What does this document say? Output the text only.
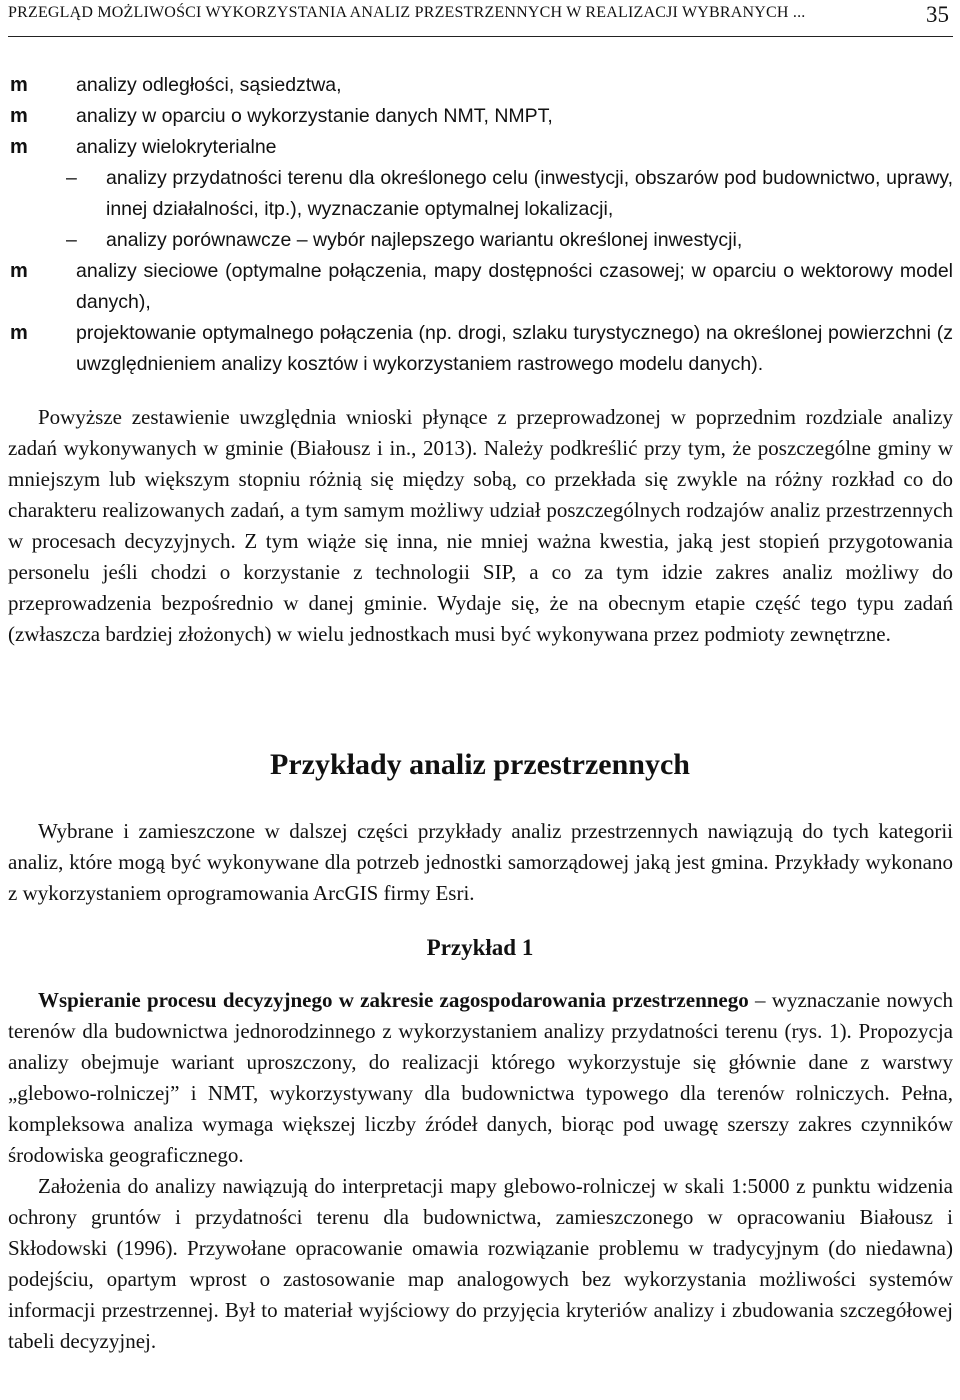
PRZEGLĄD MOŻLIWOŚCI WYKORZYSTANIA ANALIZ PRZESTRZENNYCH W REALIZACJI WYBRANYCH ...	35
m analizy odległości, sąsiedztwa,
m analizy w oparciu o wykorzystanie danych NMT, NMPT,
m analizy wielokryterialne
– analizy przydatności terenu dla określonego celu (inwestycji, obszarów pod budownictwo, uprawy, innej działalności, itp.), wyznaczanie optymalnej lokalizacji,
– analizy porównawcze – wybór najlepszego wariantu określonej inwestycji,
m analizy sieciowe (optymalne połączenia, mapy dostępności czasowej; w oparciu o wektorowy model danych),
m projektowanie optymalnego połączenia (np. drogi, szlaku turystycznego) na określonej powierzchni (z uwzględnieniem analizy kosztów i wykorzystaniem rastrowego modelu danych).

Powyższe zestawienie uwzględnia wnioski płynące z przeprowadzonej w poprzednim rozdziale analizy zadań wykonywanych w gminie (Białousz i in., 2013). Należy podkreślić przy tym, że poszczególne gminy w mniejszym lub większym stopniu różnią się między sobą, co przekłada się zwykle na różny rozkład co do charakteru realizowanych zadań, a tym samym możliwy udział poszczególnych rodzajów analiz przestrzennych w procesach decyzyjnych. Z tym wiąże się inna, nie mniej ważna kwestia, jaką jest stopień przygotowania personelu jeśli chodzi o korzystanie z technologii SIP, a co za tym idzie zakres analiz możliwy do przeprowadzenia bezpośrednio w danej gminie. Wydaje się, że na obecnym etapie część tego typu zadań (zwłaszcza bardziej złożonych) w wielu jednostkach musi być wykonywana przez podmioty zewnętrzne.

Przykłady analiz przestrzennych

Wybrane i zamieszczone w dalszej części przykłady analiz przestrzennych nawiązują do tych kategorii analiz, które mogą być wykonywane dla potrzeb jednostki samorządowej jaką jest gmina. Przykłady wykonano z wykorzystaniem oprogramowania ArcGIS firmy Esri.

Przykład 1

Wspieranie procesu decyzyjnego w zakresie zagospodarowania przestrzennego – wyznaczanie nowych terenów dla budownictwa jednorodzinnego z wykorzystaniem analizy przydatności terenu (rys. 1). Propozycja analizy obejmuje wariant uproszczony, do realizacji którego wykorzystuje się głównie dane z warstwy „glebowo-rolniczej” i NMT, wykorzystywany dla budownictwa typowego dla terenów rolniczych. Pełna, kompleksowa analiza wymaga większej liczby źródeł danych, biorąc pod uwagę szerszy zakres czynników środowiska geograficznego.

Założenia do analizy nawiązują do interpretacji mapy glebowo-rolniczej w skali 1:5000 z punktu widzenia ochrony gruntów i przydatności terenu dla budownictwa, zamieszczonego w opracowaniu Białousz i Skłodowski (1996). Przywołane opracowanie omawia rozwiązanie problemu w tradycyjnym (do niedawna) podejściu, opartym wprost o zastosowanie map analogowych bez wykorzystania możliwości systemów informacji przestrzennej. Był to materiał wyjściowy do przyjęcia kryteriów analizy i zbudowania szczegółowej tabeli decyzyjnej.
